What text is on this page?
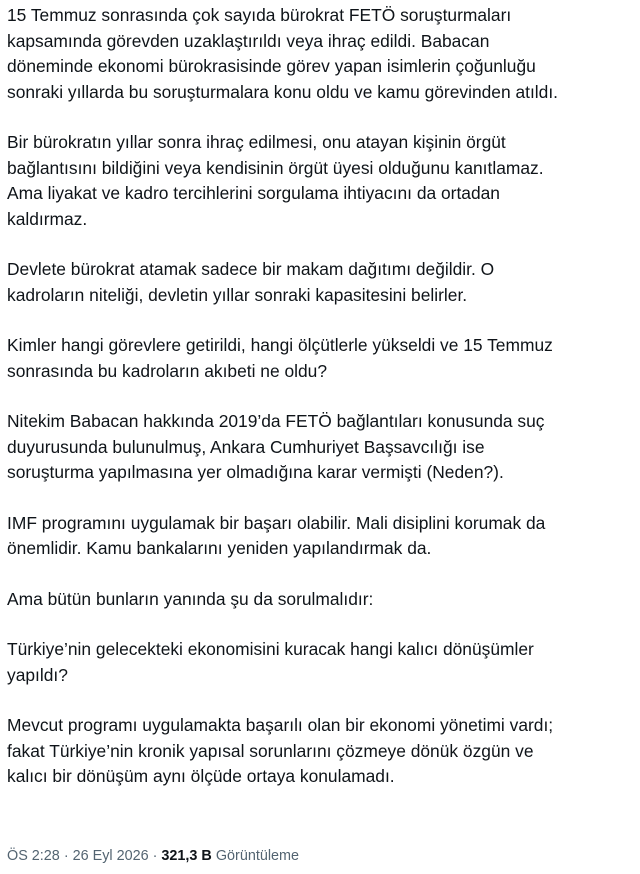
15 Temmuz sonrasında çok sayıda bürokrat FETÖ soruşturmaları
kapsamında görevden uzaklaştırıldı veya ihraç edildi. Babacan
döneminde ekonomi bürokrasisinde görev yapan isimlerin çoğunluğu
sonraki yıllarda bu soruşturmalara konu oldu ve kamu görevinden atıldı.
Bir bürokratın yıllar sonra ihraç edilmesi, onu atayan kişinin örgüt
bağlantısını bildiğini veya kendisinin örgüt üyesi olduğunu kanıtlamaz.
Ama liyakat ve kadro tercihlerini sorgulama ihtiyacını da ortadan
kaldırmaz.
Devlete bürokrat atamak sadece bir makam dağıtımı değildir. O
kadroların niteliği, devletin yıllar sonraki kapasitesini belirler.
Kimler hangi görevlere getirildi, hangi ölçütlerle yükseldi ve 15 Temmuz
sonrasında bu kadroların akıbeti ne oldu?
Nitekim Babacan hakkında 2019’da FETÖ bağlantıları konusunda suç
duyurusunda bulunulmuş, Ankara Cumhuriyet Başsavcılığı ise
soruşturma yapılmasına yer olmadığına karar vermişti (Neden?).
IMF programını uygulamak bir başarı olabilir. Mali disiplini korumak da
önemlidir. Kamu bankalarını yeniden yapılandırmak da.
Ama bütün bunların yanında şu da sorulmalıdır:
Türkiye’nin gelecekteki ekonomisini kuracak hangi kalıcı dönüşümler
yapıldı?
Mevcut programı uygulamakta başarılı olan bir ekonomi yönetimi vardı;
fakat Türkiye’nin kronik yapısal sorunlarını çözmeye dönük özgün ve
kalıcı bir dönüşüm aynı ölçüde ortaya konulamadı.
ÖS 2:28 · 26 Eyl 2026 · 321,3 B Görüntüleme
